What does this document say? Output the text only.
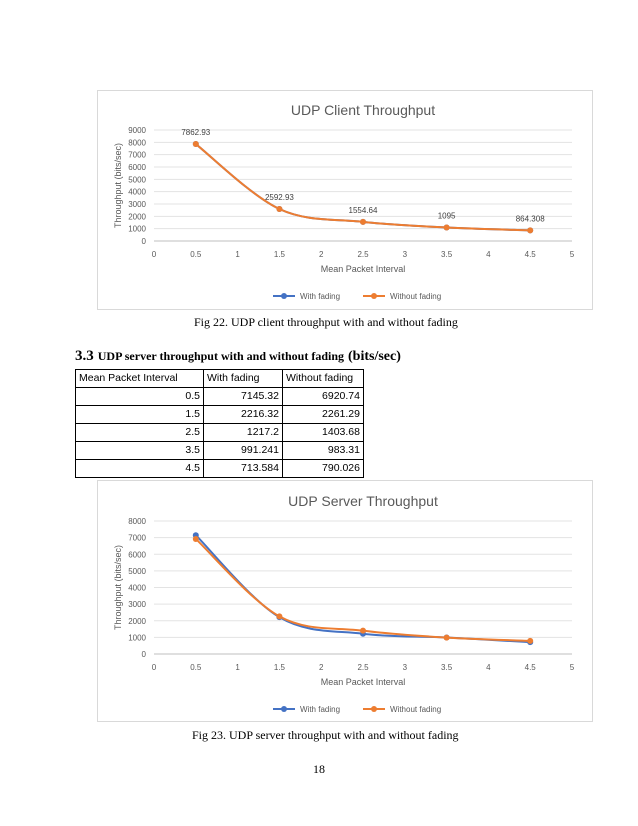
UDP Client Throughput
0
1000
2000
3000
4000
5000
6000
7000
8000
9000
0	0.5	1	1.5	2	2.5	3	3.5	4	4.5	5
Mean Packet Interval
Throughput (bits/sec)
7862.93
2592.93
1554.64
1095	864.308
With fading	Without fading
Fig 22. UDP client throughput with and without fading
3.3 UDP server throughput with and without fading (bits/sec)
Mean Packet Interval	With fading	Without fading
0.5	7145.32	6920.74
1.5	2216.32	2261.29
2.5	1217.2	1403.68
3.5	991.241	983.31
4.5	713.584	790.026
UDP Server Throughput
0
1000
2000
3000
4000
5000
6000
7000
8000
0	0.5	1	1.5	2	2.5	3	3.5	4	4.5	5
Mean Packet Interval
Throughput (bits/sec)
With fading	Without fading
Fig 23. UDP server throughput with and without fading
18
